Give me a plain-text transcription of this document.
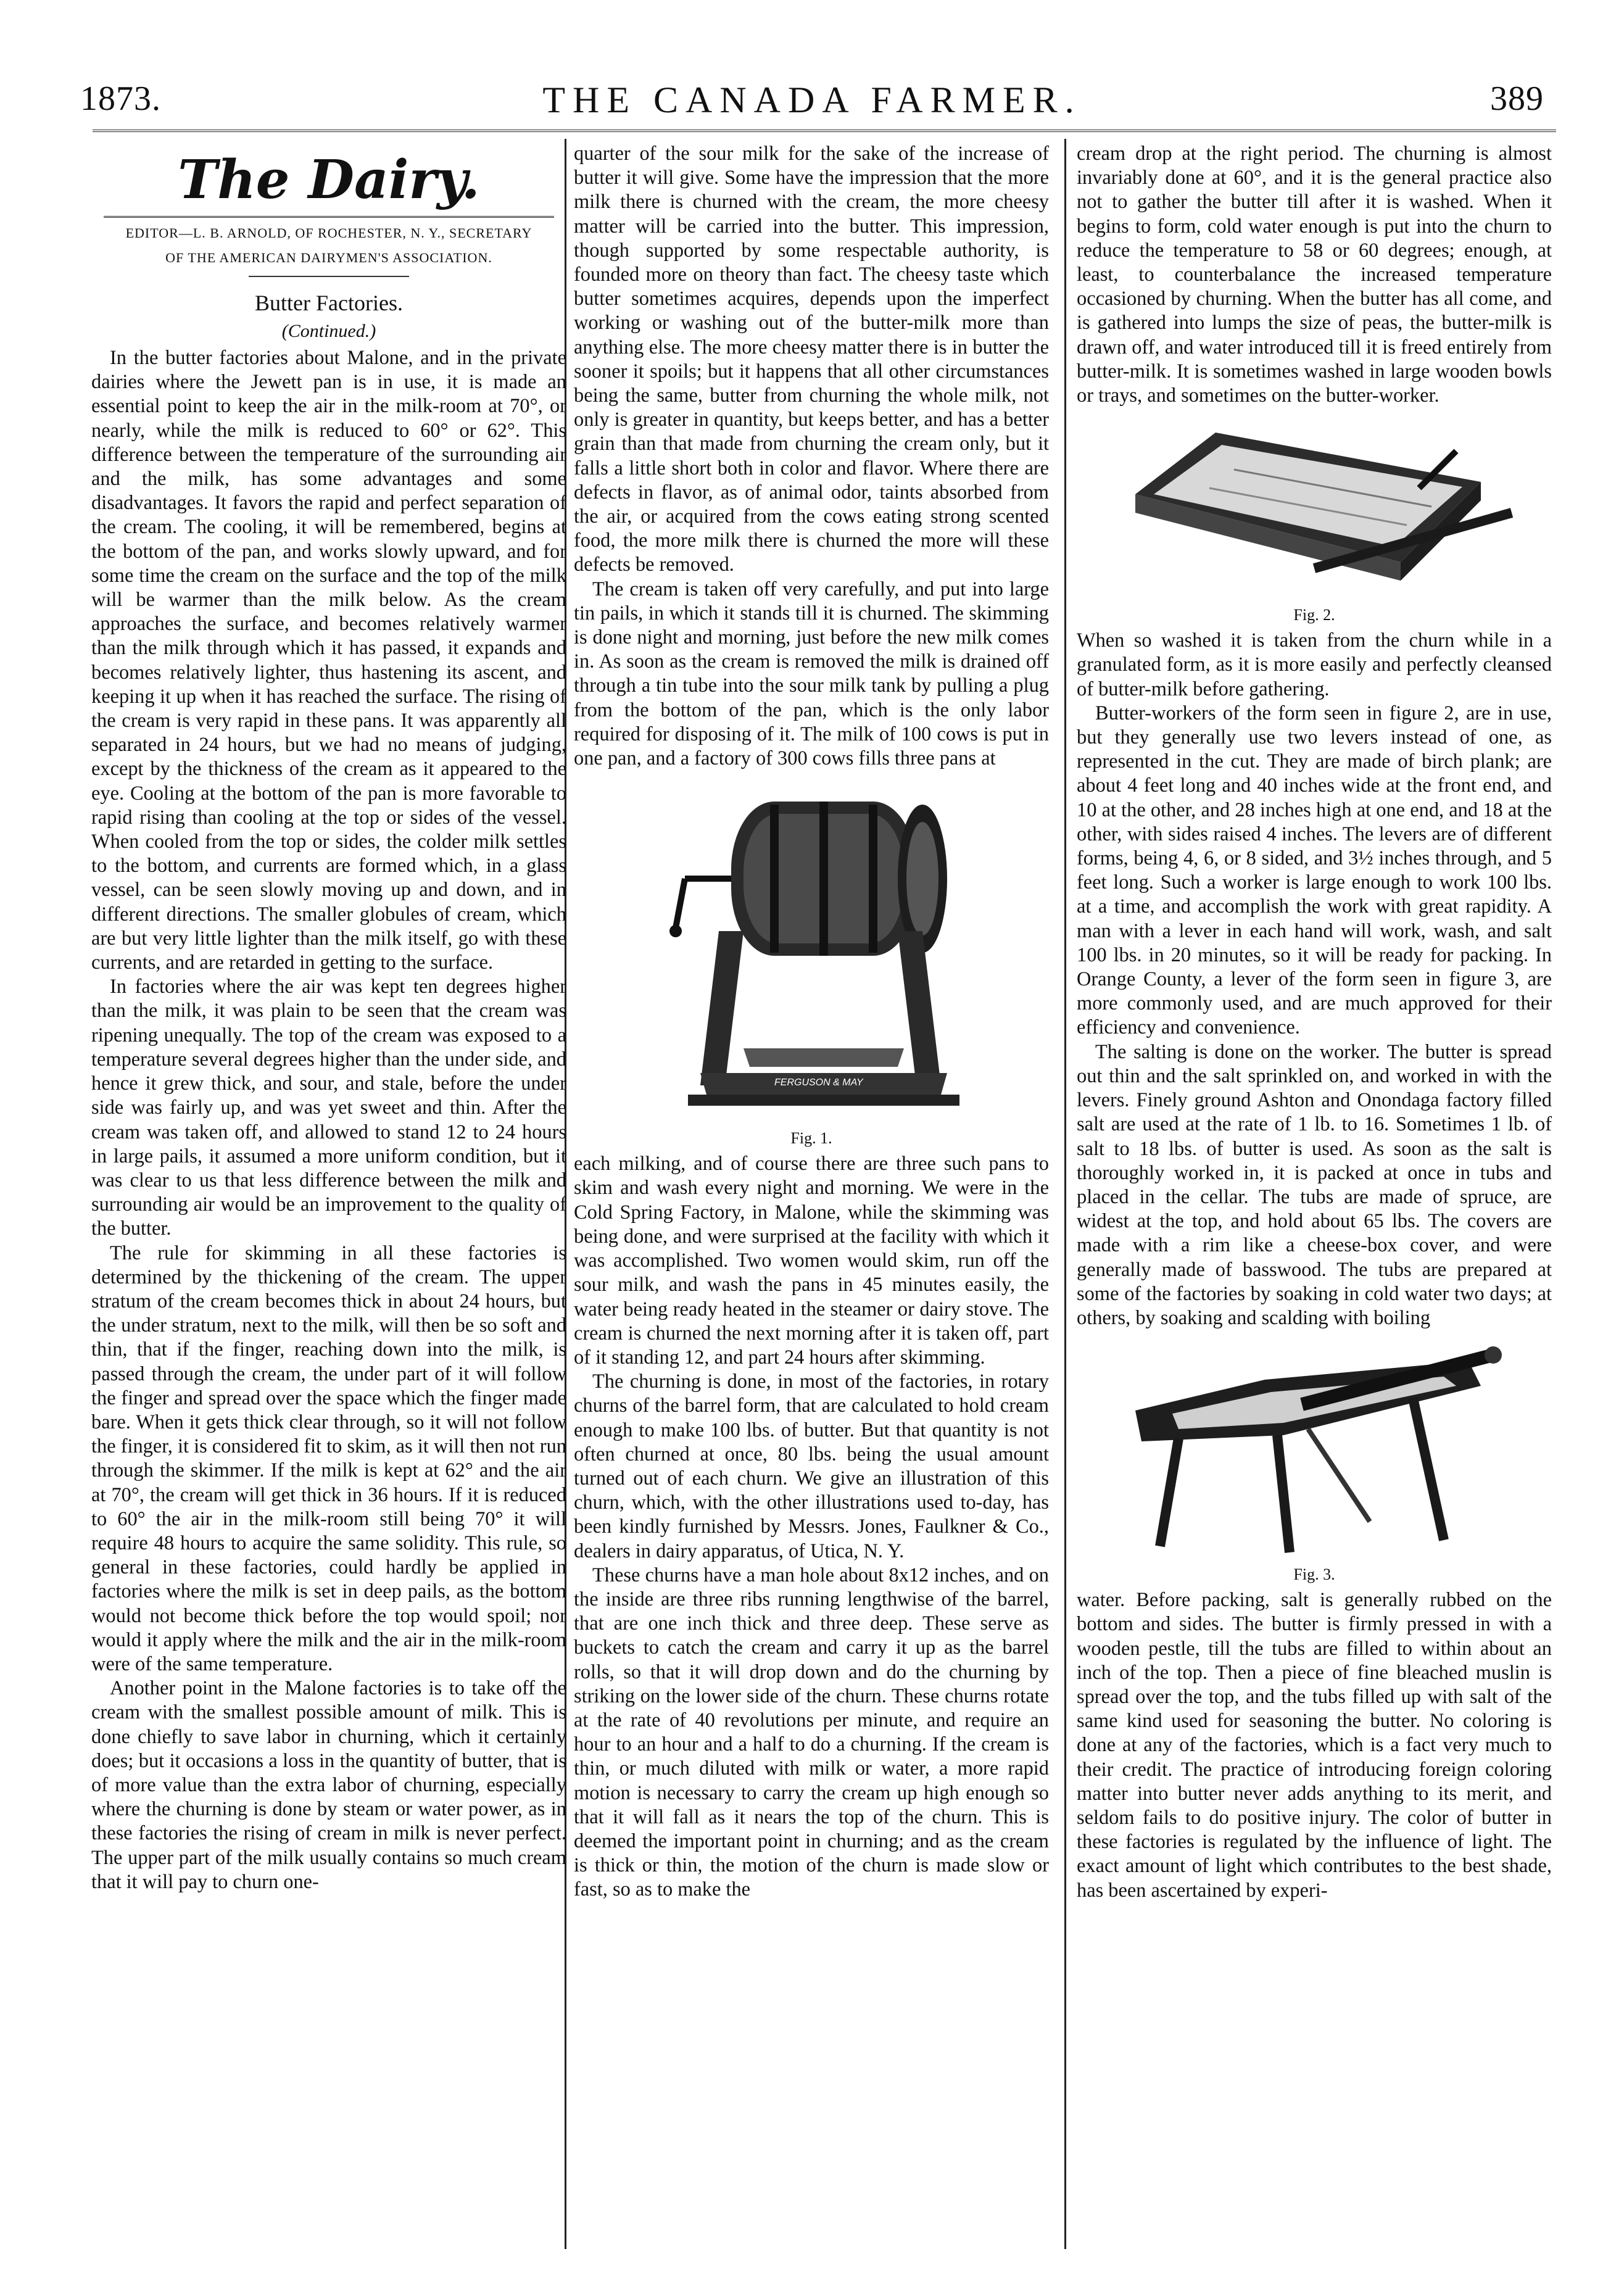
1873.	THE CANADA FARMER.	389
The Dairy.
EDITOR—L. B. ARNOLD, OF ROCHESTER, N. Y., SECRETARY
OF THE AMERICAN DAIRYMEN'S ASSOCIATION.
Butter Factories.
(Continued.)

In the butter factories about Malone, and in the private dairies where the Jewett pan is in use, it is made an essential point to keep the air in the milk-room at 70°, or nearly, while the milk is reduced to 60° or 62°. This difference between the temperature of the surrounding air and the milk, has some advantages and some disadvantages. It favors the rapid and perfect separation of the cream. The cooling, it will be remembered, begins at the bottom of the pan, and works slowly upward, and for some time the cream on the surface and the top of the milk will be warmer than the milk below. As the cream approaches the surface, and becomes relatively warmer than the milk through which it has passed, it expands and becomes relatively lighter, thus hastening its ascent, and keeping it up when it has reached the surface. The rising of the cream is very rapid in these pans. It was apparently all separated in 24 hours, but we had no means of judging, except by the thickness of the cream as it appeared to the eye. Cooling at the bottom of the pan is more favorable to rapid rising than cooling at the top or sides of the vessel. When cooled from the top or sides, the colder milk settles to the bottom, and currents are formed which, in a glass vessel, can be seen slowly moving up and down, and in different directions. The smaller globules of cream, which are but very little lighter than the milk itself, go with these currents, and are retarded in getting to the surface.

In factories where the air was kept ten degrees higher than the milk, it was plain to be seen that the cream was ripening unequally. The top of the cream was exposed to a temperature several degrees higher than the under side, and hence it grew thick, and sour, and stale, before the under side was fairly up, and was yet sweet and thin. After the cream was taken off, and allowed to stand 12 to 24 hours in large pails, it assumed a more uniform condition, but it was clear to us that less difference between the milk and surrounding air would be an improvement to the quality of the butter.

The rule for skimming in all these factories is determined by the thickening of the cream. The upper stratum of the cream becomes thick in about 24 hours, but the under stratum, next to the milk, will then be so soft and thin, that if the finger, reaching down into the milk, is passed through the cream, the under part of it will follow the finger and spread over the space which the finger made bare. When it gets thick clear through, so it will not follow the finger, it is considered fit to skim, as it will then not run through the skimmer. If the milk is kept at 62° and the air at 70°, the cream will get thick in 36 hours. If it is reduced to 60° the air in the milk-room still being 70° it will require 48 hours to acquire the same solidity. This rule, so general in these factories, could hardly be applied in factories where the milk is set in deep pails, as the bottom would not become thick before the top would spoil; nor would it apply where the milk and the air in the milk-room were of the same temperature.

Another point in the Malone factories is to take off the cream with the smallest possible amount of milk. This is done chiefly to save labor in churning, which it certainly does; but it occasions a loss in the quantity of butter, that is of more value than the extra labor of churning, especially where the churning is done by steam or water power, as in these factories the rising of cream in milk is never perfect. The upper part of the milk usually contains so much cream that it will pay to churn one-

quarter of the sour milk for the sake of the increase of butter it will give. Some have the impression that the more milk there is churned with the cream, the more cheesy matter will be carried into the butter. This impression, though supported by some respectable authority, is founded more on theory than fact. The cheesy taste which butter sometimes acquires, depends upon the imperfect working or washing out of the butter-milk more than anything else. The more cheesy matter there is in butter the sooner it spoils; but it happens that all other circumstances being the same, butter from churning the whole milk, not only is greater in quantity, but keeps better, and has a better grain than that made from churning the cream only, but it falls a little short both in color and flavor. Where there are defects in flavor, as of animal odor, taints absorbed from the air, or acquired from the cows eating strong scented food, the more milk there is churned the more will these defects be removed.

The cream is taken off very carefully, and put into large tin pails, in which it stands till it is churned. The skimming is done night and morning, just before the new milk comes in. As soon as the cream is removed the milk is drained off through a tin tube into the sour milk tank by pulling a plug from the bottom of the pan, which is the only labor required for disposing of it. The milk of 100 cows is put in one pan, and a factory of 300 cows fills three pans at

FERGUSON & MAY
Fig. 1.

each milking, and of course there are three such pans to skim and wash every night and morning. We were in the Cold Spring Factory, in Malone, while the skimming was being done, and were surprised at the facility with which it was accomplished. Two women would skim, run off the sour milk, and wash the pans in 45 minutes easily, the water being ready heated in the steamer or dairy stove. The cream is churned the next morning after it is taken off, part of it standing 12, and part 24 hours after skimming.

The churning is done, in most of the factories, in rotary churns of the barrel form, that are calculated to hold cream enough to make 100 lbs. of butter. But that quantity is not often churned at once, 80 lbs. being the usual amount turned out of each churn. We give an illustration of this churn, which, with the other illustrations used to-day, has been kindly furnished by Messrs. Jones, Faulkner & Co., dealers in dairy apparatus, of Utica, N. Y.

These churns have a man hole about 8x12 inches, and on the inside are three ribs running lengthwise of the barrel, that are one inch thick and three deep. These serve as buckets to catch the cream and carry it up as the barrel rolls, so that it will drop down and do the churning by striking on the lower side of the churn. These churns rotate at the rate of 40 revolutions per minute, and require an hour to an hour and a half to do a churning. If the cream is thin, or much diluted with milk or water, a more rapid motion is necessary to carry the cream up high enough so that it will fall as it nears the top of the churn. This is deemed the important point in churning; and as the cream is thick or thin, the motion of the churn is made slow or fast, so as to make the

cream drop at the right period. The churning is almost invariably done at 60°, and it is the general practice also not to gather the butter till after it is washed. When it begins to form, cold water enough is put into the churn to reduce the temperature to 58 or 60 degrees; enough, at least, to counterbalance the increased temperature occasioned by churning. When the butter has all come, and is gathered into lumps the size of peas, the butter-milk is drawn off, and water introduced till it is freed entirely from butter-milk. It is sometimes washed in large wooden bowls or trays, and sometimes on the butter-worker.

Fig. 2.

When so washed it is taken from the churn while in a granulated form, as it is more easily and perfectly cleansed of butter-milk before gathering.

Butter-workers of the form seen in figure 2, are in use, but they generally use two levers instead of one, as represented in the cut. They are made of birch plank; are about 4 feet long and 40 inches wide at the front end, and 10 at the other, and 28 inches high at one end, and 18 at the other, with sides raised 4 inches. The levers are of different forms, being 4, 6, or 8 sided, and 3½ inches through, and 5 feet long. Such a worker is large enough to work 100 lbs. at a time, and accomplish the work with great rapidity. A man with a lever in each hand will work, wash, and salt 100 lbs. in 20 minutes, so it will be ready for packing. In Orange County, a lever of the form seen in figure 3, are more commonly used, and are much approved for their efficiency and convenience.

The salting is done on the worker. The butter is spread out thin and the salt sprinkled on, and worked in with the levers. Finely ground Ashton and Onondaga factory filled salt are used at the rate of 1 lb. to 16. Sometimes 1 lb. of salt to 18 lbs. of butter is used. As soon as the salt is thoroughly worked in, it is packed at once in tubs and placed in the cellar. The tubs are made of spruce, are widest at the top, and hold about 65 lbs. The covers are made with a rim like a cheese-box cover, and were generally made of basswood. The tubs are prepared at some of the factories by soaking in cold water two days; at others, by soaking and scalding with boiling

Fig. 3.

water. Before packing, salt is generally rubbed on the bottom and sides. The butter is firmly pressed in with a wooden pestle, till the tubs are filled to within about an inch of the top. Then a piece of fine bleached muslin is spread over the top, and the tubs filled up with salt of the same kind used for seasoning the butter. No coloring is done at any of the factories, which is a fact very much to their credit. The practice of introducing foreign coloring matter into butter never adds anything to its merit, and seldom fails to do positive injury. The color of butter in these factories is regulated by the influence of light. The exact amount of light which contributes to the best shade, has been ascertained by experi-
